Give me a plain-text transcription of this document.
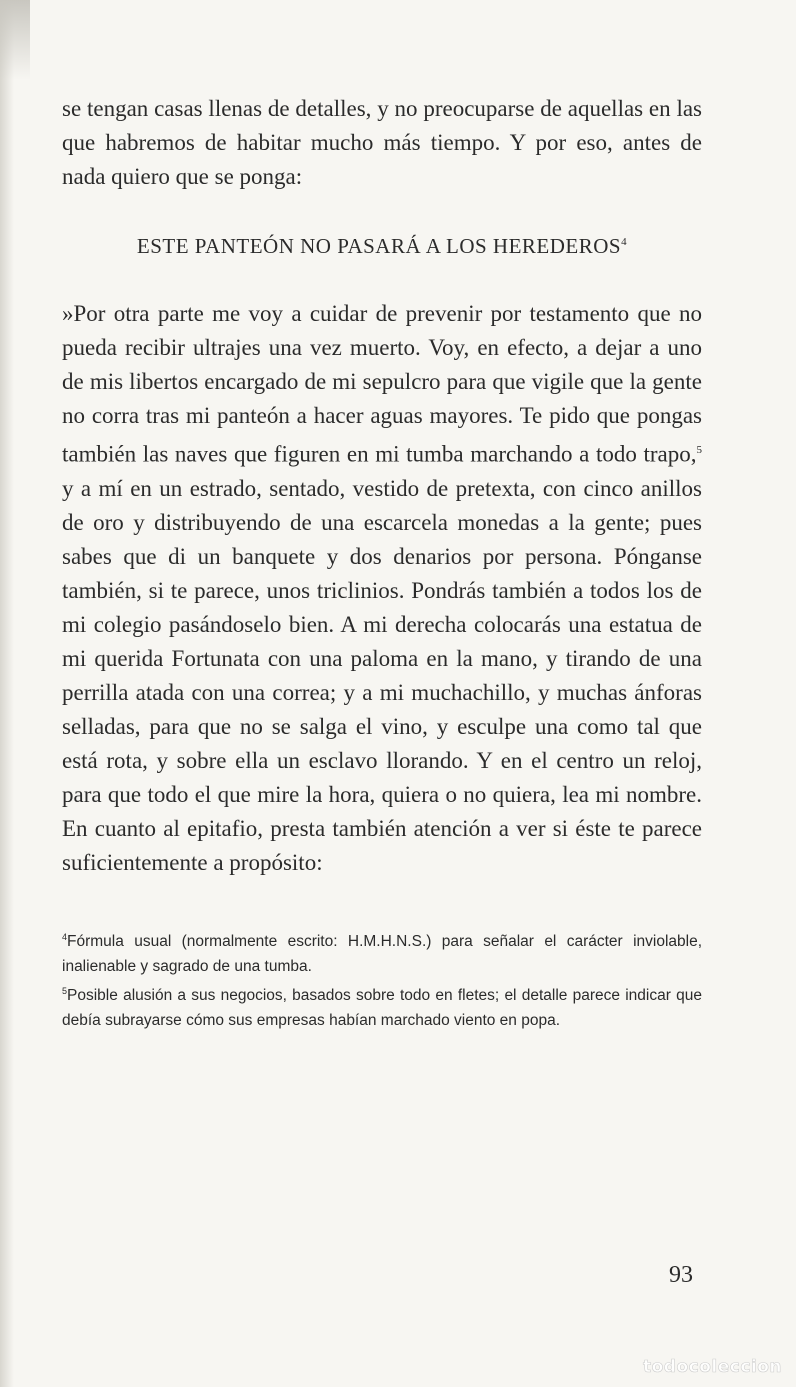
se tengan casas llenas de detalles, y no preocuparse de aquellas en las que habremos de habitar mucho más tiempo. Y por eso, antes de nada quiero que se ponga:

ESTE PANTEÓN NO PASARÁ A LOS HEREDEROS$^4$

»Por otra parte me voy a cuidar de prevenir por testamento que no pueda recibir ultrajes una vez muerto. Voy, en efecto, a dejar a uno de mis libertos encargado de mi sepulcro para que vigile que la gente no corra tras mi panteón a hacer aguas mayores. Te pido que pongas también las naves que figuren en mi tumba marchando a todo trapo,$^5$ y a mí en un estrado, sentado, vestido de pretexta, con cinco anillos de oro y distribuyendo de una escarcela monedas a la gente; pues sabes que di un banquete y dos denarios por persona. Pónganse también, si te parece, unos triclinios. Pondrás también a todos los de mi colegio pasándoselo bien. A mi derecha colocarás una estatua de mi querida Fortunata con una paloma en la mano, y tirando de una perrilla atada con una correa; y a mi muchachillo, y muchas ánforas selladas, para que no se salga el vino, y esculpe una como tal que está rota, y sobre ella un esclavo llorando. Y en el centro un reloj, para que todo el que mire la hora, quiera o no quiera, lea mi nombre. En cuanto al epitafio, presta también atención a ver si éste te parece suficientemente a propósito:

$^4$Fórmula usual (normalmente escrito: H.M.H.N.S.) para señalar el carácter inviolable, inalienable y sagrado de una tumba.

$^5$Posible alusión a sus negocios, basados sobre todo en fletes; el detalle parece indicar que debía subrayarse cómo sus empresas habían marchado viento en popa.

93
todocoleccion
